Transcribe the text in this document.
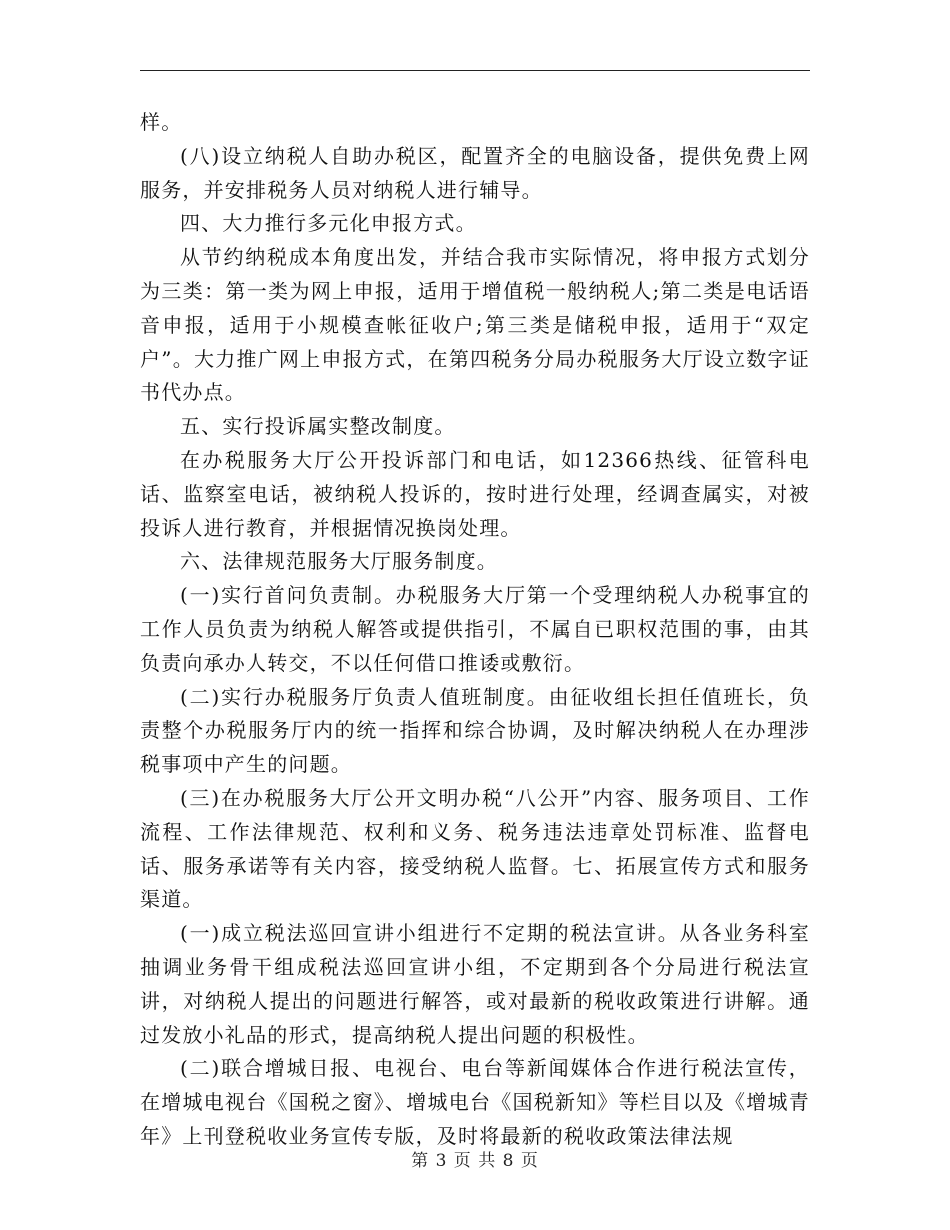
样。

(八)设立纳税人自助办税区，配置齐全的电脑设备，提供免费上网服务，并安排税务人员对纳税人进行辅导。

四、大力推行多元化申报方式。

从节约纳税成本角度出发，并结合我市实际情况，将申报方式划分为三类：第一类为网上申报，适用于增值税一般纳税人;第二类是电话语音申报，适用于小规模查帐征收户;第三类是储税申报，适用于“双定户”。大力推广网上申报方式，在第四税务分局办税服务大厅设立数字证书代办点。

五、实行投诉属实整改制度。

在办税服务大厅公开投诉部门和电话，如12366热线、征管科电话、监察室电话，被纳税人投诉的，按时进行处理，经调查属实，对被投诉人进行教育，并根据情况换岗处理。

六、法律规范服务大厅服务制度。

(一)实行首问负责制。办税服务大厅第一个受理纳税人办税事宜的工作人员负责为纳税人解答或提供指引，不属自已职权范围的事，由其负责向承办人转交，不以任何借口推诿或敷衍。

(二)实行办税服务厅负责人值班制度。由征收组长担任值班长，负责整个办税服务厅内的统一指挥和综合协调，及时解决纳税人在办理涉税事项中产生的问题。

(三)在办税服务大厅公开文明办税“八公开”内容、服务项目、工作流程、工作法律规范、权利和义务、税务违法违章处罚标准、监督电话、服务承诺等有关内容，接受纳税人监督。七、拓展宣传方式和服务渠道。

(一)成立税法巡回宣讲小组进行不定期的税法宣讲。从各业务科室抽调业务骨干组成税法巡回宣讲小组，不定期到各个分局进行税法宣讲，对纳税人提出的问题进行解答，或对最新的税收政策进行讲解。通过发放小礼品的形式，提高纳税人提出问题的积极性。

(二)联合增城日报、电视台、电台等新闻媒体合作进行税法宣传，在增城电视台《国税之窗》、增城电台《国税新知》等栏目以及《增城青年》上刊登税收业务宣传专版，及时将最新的税收政策法律法规

第 3 页 共 8 页
